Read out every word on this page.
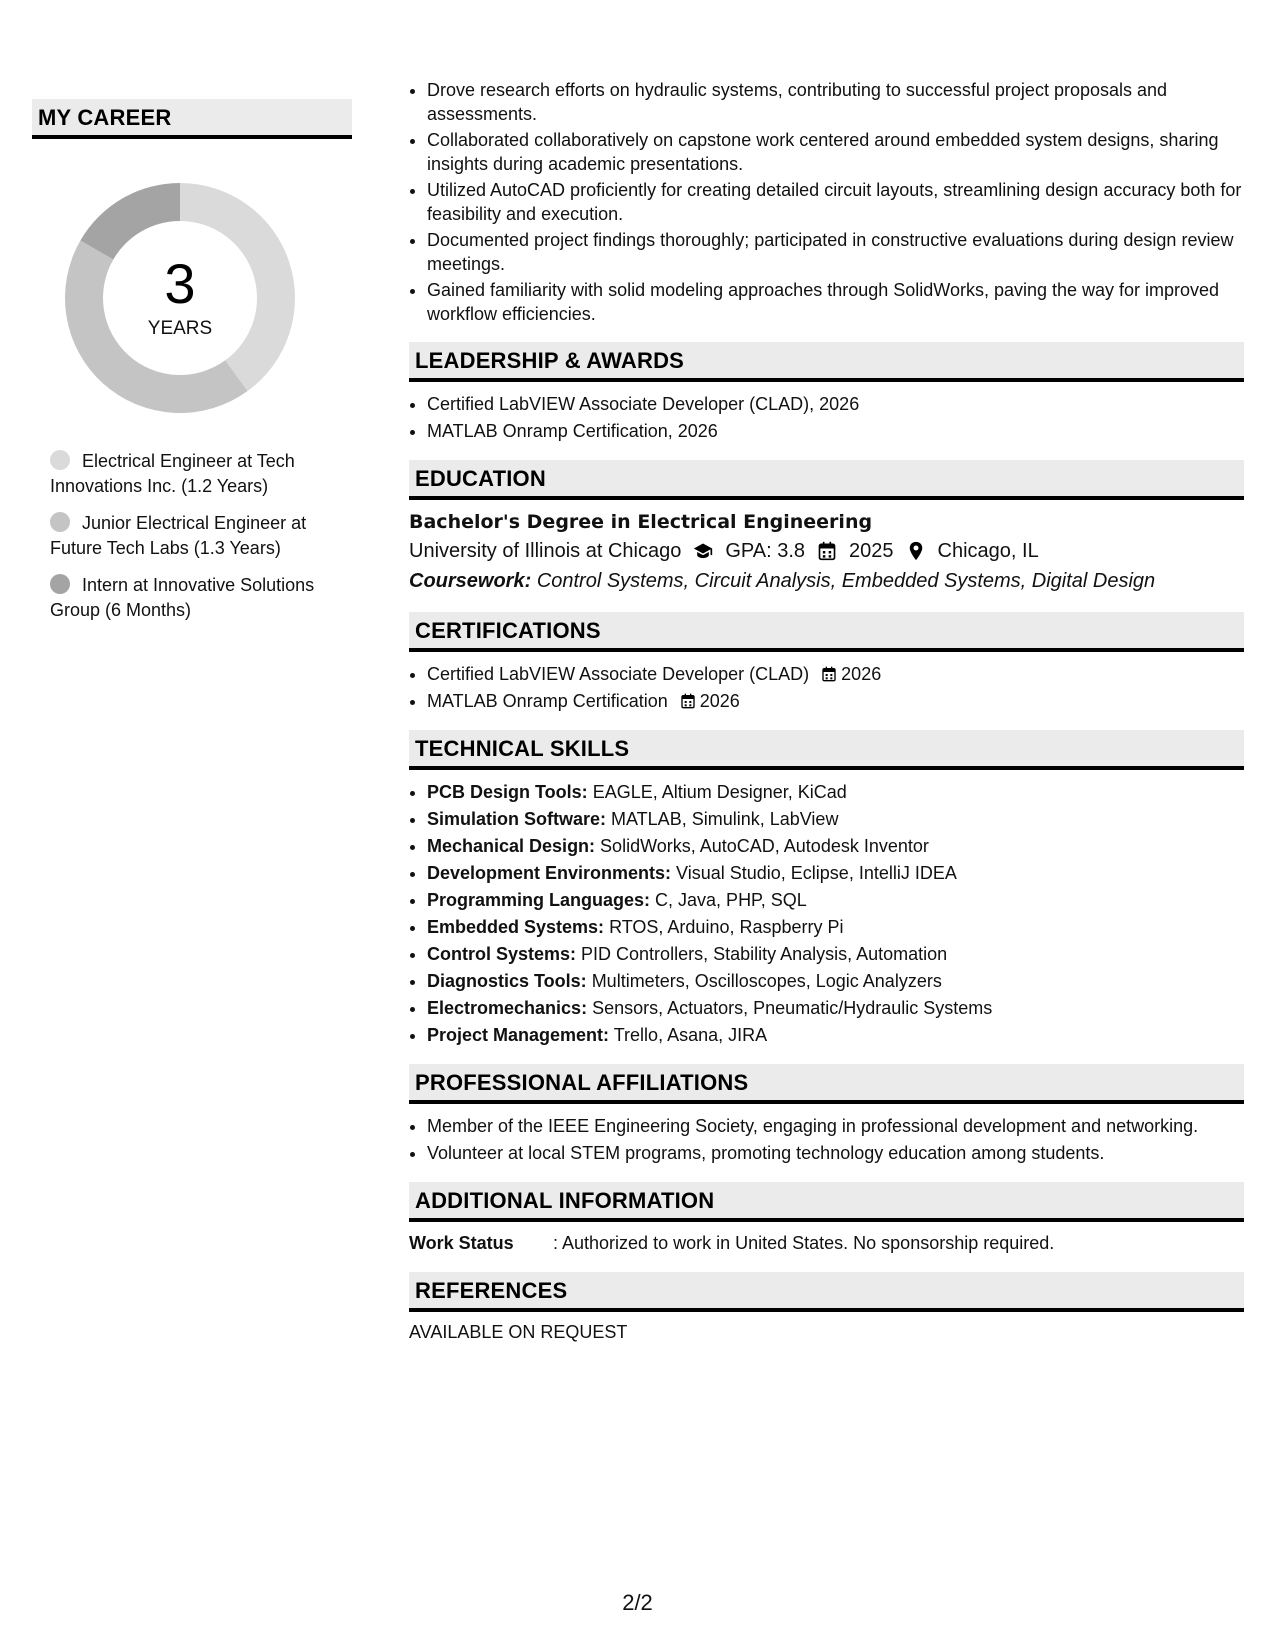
MY CAREER
3
YEARS
Electrical Engineer at Tech Innovations Inc. (1.2 Years)
Junior Electrical Engineer at Future Tech Labs (1.3 Years)
Intern at Innovative Solutions Group (6 Months)
• Drove research efforts on hydraulic systems, contributing to successful project proposals and assessments.
• Collaborated collaboratively on capstone work centered around embedded system designs, sharing insights during academic presentations.
• Utilized AutoCAD proficiently for creating detailed circuit layouts, streamlining design accuracy both for feasibility and execution.
• Documented project findings thoroughly; participated in constructive evaluations during design review meetings.
• Gained familiarity with solid modeling approaches through SolidWorks, paving the way for improved workflow efficiencies.
LEADERSHIP & AWARDS
• Certified LabVIEW Associate Developer (CLAD), 2026
• MATLAB Onramp Certification, 2026
EDUCATION
Bachelor's Degree in Electrical Engineering
University of Illinois at Chicago GPA: 3.8 2025 Chicago, IL
Coursework: Control Systems, Circuit Analysis, Embedded Systems, Digital Design
CERTIFICATIONS
• Certified LabVIEW Associate Developer (CLAD) 2026
• MATLAB Onramp Certification 2026
TECHNICAL SKILLS
• PCB Design Tools: EAGLE, Altium Designer, KiCad
• Simulation Software: MATLAB, Simulink, LabView
• Mechanical Design: SolidWorks, AutoCAD, Autodesk Inventor
• Development Environments: Visual Studio, Eclipse, IntelliJ IDEA
• Programming Languages: C, Java, PHP, SQL
• Embedded Systems: RTOS, Arduino, Raspberry Pi
• Control Systems: PID Controllers, Stability Analysis, Automation
• Diagnostics Tools: Multimeters, Oscilloscopes, Logic Analyzers
• Electromechanics: Sensors, Actuators, Pneumatic/Hydraulic Systems
• Project Management: Trello, Asana, JIRA
PROFESSIONAL AFFILIATIONS
• Member of the IEEE Engineering Society, engaging in professional development and networking.
• Volunteer at local STEM programs, promoting technology education among students.
ADDITIONAL INFORMATION
Work Status	: Authorized to work in United States. No sponsorship required.
REFERENCES
AVAILABLE ON REQUEST
2/2
